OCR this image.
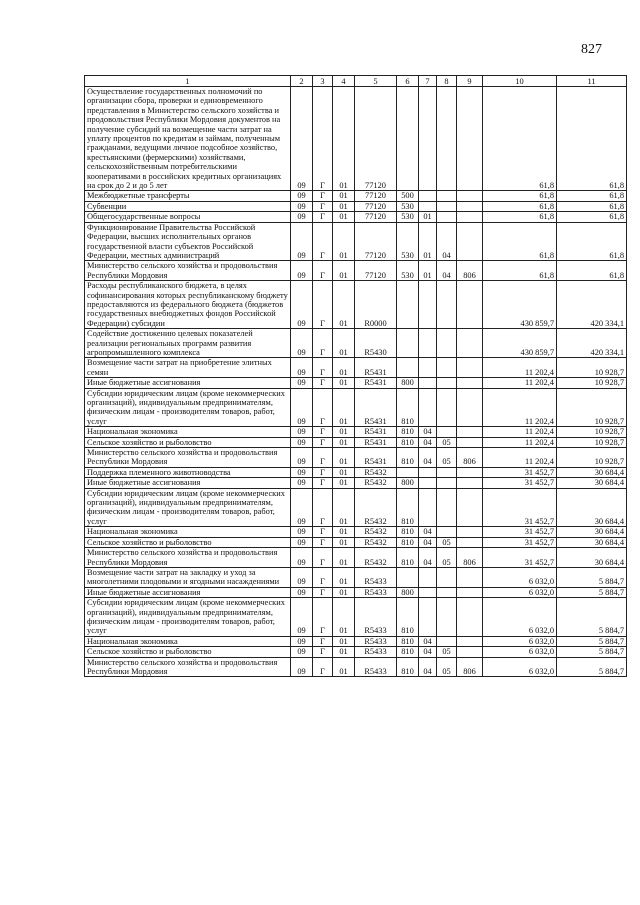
827
1	2	3	4	5	6	7	8	9	10	11
Осуществление государственных полномочий по организации сбора, проверки и единовременного представления в Министерство сельского хозяйства и продовольствия Республики Мордовия документов на получение субсидий на возмещение части затрат на уплату процентов по кредитам и займам, полученным гражданами, ведущими личное подсобное хозяйство, крестьянскими (фермерскими) хозяйствами, сельскохозяйственным потребительскими кооперативами в российских кредитных организациях на срок до 2 и до 5 лет	09	Г	01	77120					61,8	61,8
Межбюджетные трансферты	09	Г	01	77120	500				61,8	61,8
Субвенции	09	Г	01	77120	530				61,8	61,8
Общегосударственные вопросы	09	Г	01	77120	530	01			61,8	61,8
Функционирование Правительства Российской Федерации, высших исполнительных органов государственной власти субъектов Российской Федерации, местных администраций	09	Г	01	77120	530	01	04		61,8	61,8
Министерство сельского хозяйства и продовольствия Республики Мордовия	09	Г	01	77120	530	01	04	806	61,8	61,8
Расходы республиканского бюджета, в целях софинансирования которых республиканскому бюджету предоставляются из федерального бюджета (бюджетов государственных внебюджетных фондов Российской Федерации) субсидии	09	Г	01	R0000					430 859,7	420 334,1
Содействие достижению целевых показателей реализации региональных программ развития агропромышленного комплекса	09	Г	01	R5430					430 859,7	420 334,1
Возмещение части затрат на приобретение элитных семян	09	Г	01	R5431					11 202,4	10 928,7
Иные бюджетные ассигнования	09	Г	01	R5431	800				11 202,4	10 928,7
Субсидии юридическим лицам (кроме некоммерческих организаций), индивидуальным предпринимателям, физическим лицам - производителям товаров, работ, услуг	09	Г	01	R5431	810				11 202,4	10 928,7
Национальная экономика	09	Г	01	R5431	810	04			11 202,4	10 928,7
Сельское хозяйство и рыболовство	09	Г	01	R5431	810	04	05		11 202,4	10 928,7
Министерство сельского хозяйства и продовольствия Республики Мордовия	09	Г	01	R5431	810	04	05	806	11 202,4	10 928,7
Поддержка племенного животноводства	09	Г	01	R5432					31 452,7	30 684,4
Иные бюджетные ассигнования	09	Г	01	R5432	800				31 452,7	30 684,4
Субсидии юридическим лицам (кроме некоммерческих организаций), индивидуальным предпринимателям, физическим лицам - производителям товаров, работ, услуг	09	Г	01	R5432	810				31 452,7	30 684,4
Национальная экономика	09	Г	01	R5432	810	04			31 452,7	30 684,4
Сельское хозяйство и рыболовство	09	Г	01	R5432	810	04	05		31 452,7	30 684,4
Министерство сельского хозяйства и продовольствия Республики Мордовия	09	Г	01	R5432	810	04	05	806	31 452,7	30 684,4
Возмещение части затрат на закладку и уход за многолетними плодовыми и ягодными насаждениями	09	Г	01	R5433					6 032,0	5 884,7
Иные бюджетные ассигнования	09	Г	01	R5433	800				6 032,0	5 884,7
Субсидии юридическим лицам (кроме некоммерческих организаций), индивидуальным предпринимателям, физическим лицам - производителям товаров, работ, услуг	09	Г	01	R5433	810				6 032,0	5 884,7
Национальная экономика	09	Г	01	R5433	810	04			6 032,0	5 884,7
Сельское хозяйство и рыболовство	09	Г	01	R5433	810	04	05		6 032,0	5 884,7
Министерство сельского хозяйства и продовольствия Республики Мордовия	09	Г	01	R5433	810	04	05	806	6 032,0	5 884,7
